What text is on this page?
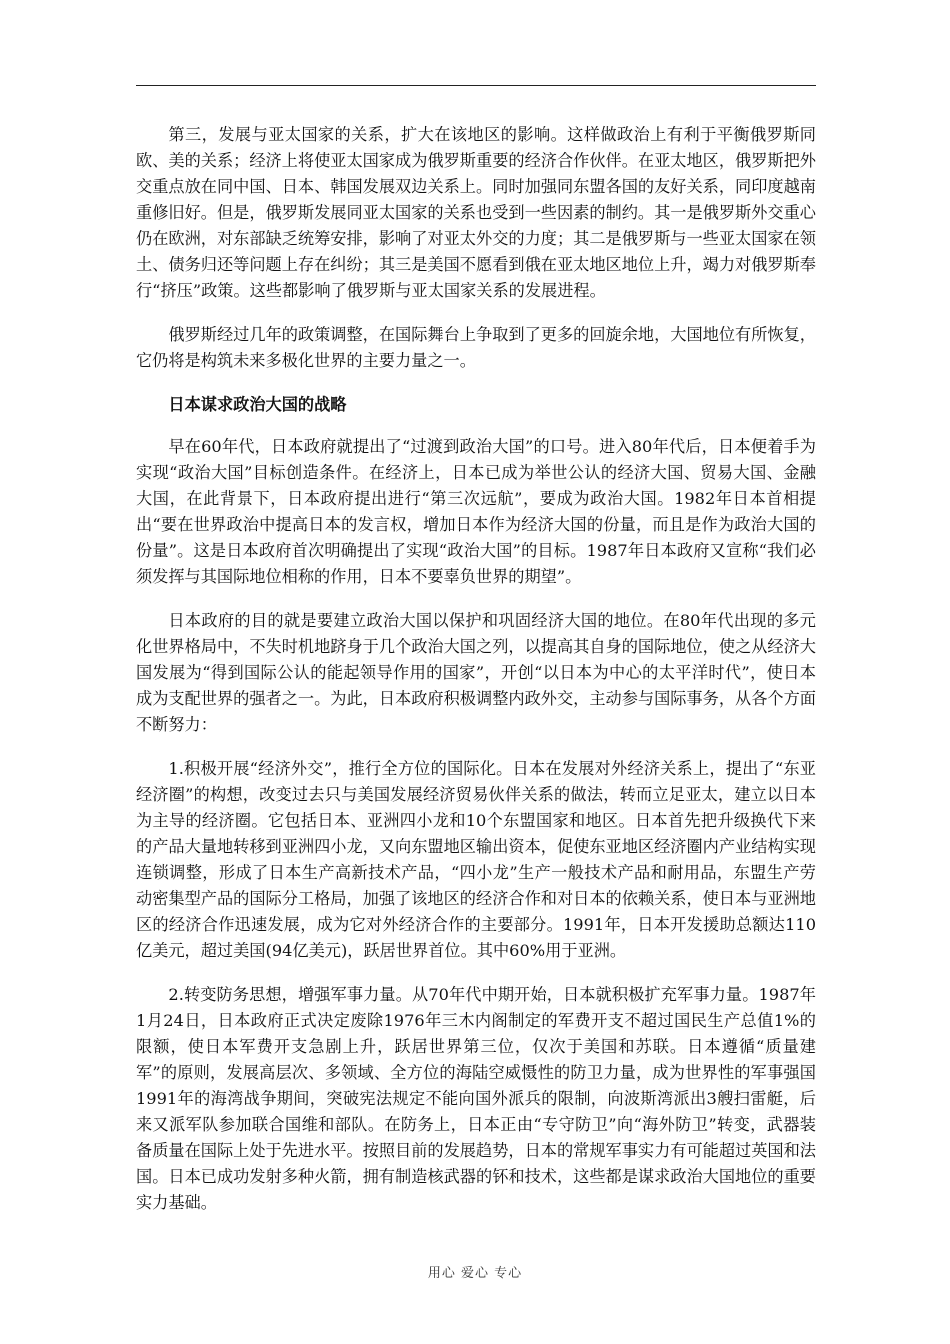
第三，发展与亚太国家的关系，扩大在该地区的影响。这样做政治上有利于平衡俄罗斯同欧、美的关系；经济上将使亚太国家成为俄罗斯重要的经济合作伙伴。在亚太地区，俄罗斯把外交重点放在同中国、日本、韩国发展双边关系上。同时加强同东盟各国的友好关系，同印度越南重修旧好。但是，俄罗斯发展同亚太国家的关系也受到一些因素的制约。其一是俄罗斯外交重心仍在欧洲，对东部缺乏统筹安排，影响了对亚太外交的力度；其二是俄罗斯与一些亚太国家在领土、债务归还等问题上存在纠纷；其三是美国不愿看到俄在亚太地区地位上升，竭力对俄罗斯奉行“挤压”政策。这些都影响了俄罗斯与亚太国家关系的发展进程。

俄罗斯经过几年的政策调整，在国际舞台上争取到了更多的回旋余地，大国地位有所恢复，它仍将是构筑未来多极化世界的主要力量之一。

日本谋求政治大国的战略

早在60年代，日本政府就提出了“过渡到政治大国”的口号。进入80年代后，日本便着手为实现“政治大国”目标创造条件。在经济上，日本已成为举世公认的经济大国、贸易大国、金融大国，在此背景下，日本政府提出进行“第三次远航”，要成为政治大国。1982年日本首相提出“要在世界政治中提高日本的发言权，增加日本作为经济大国的份量，而且是作为政治大国的份量”。这是日本政府首次明确提出了实现“政治大国”的目标。1987年日本政府又宣称“我们必须发挥与其国际地位相称的作用，日本不要辜负世界的期望”。

日本政府的目的就是要建立政治大国以保护和巩固经济大国的地位。在80年代出现的多元化世界格局中，不失时机地跻身于几个政治大国之列，以提高其自身的国际地位，使之从经济大国发展为“得到国际公认的能起领导作用的国家”，开创“以日本为中心的太平洋时代”，使日本成为支配世界的强者之一。为此，日本政府积极调整内政外交，主动参与国际事务，从各个方面不断努力：

1.积极开展“经济外交”，推行全方位的国际化。日本在发展对外经济关系上，提出了“东亚经济圈”的构想，改变过去只与美国发展经济贸易伙伴关系的做法，转而立足亚太，建立以日本为主导的经济圈。它包括日本、亚洲四小龙和10个东盟国家和地区。日本首先把升级换代下来的产品大量地转移到亚洲四小龙，又向东盟地区输出资本，促使东亚地区经济圈内产业结构实现连锁调整，形成了日本生产高新技术产品，“四小龙”生产一般技术产品和耐用品，东盟生产劳动密集型产品的国际分工格局，加强了该地区的经济合作和对日本的依赖关系，使日本与亚洲地区的经济合作迅速发展，成为它对外经济合作的主要部分。1991年，日本开发援助总额达110亿美元，超过美国(94亿美元)，跃居世界首位。其中60%用于亚洲。

2.转变防务思想，增强军事力量。从70年代中期开始，日本就积极扩充军事力量。1987年1月24日，日本政府正式决定废除1976年三木内阁制定的军费开支不超过国民生产总值1%的限额，使日本军费开支急剧上升，跃居世界第三位，仅次于美国和苏联。日本遵循“质量建军”的原则，发展高层次、多领域、全方位的海陆空威慑性的防卫力量，成为世界性的军事强国1991年的海湾战争期间，突破宪法规定不能向国外派兵的限制，向波斯湾派出3艘扫雷艇，后来又派军队参加联合国维和部队。在防务上，日本正由“专守防卫”向“海外防卫”转变，武器装备质量在国际上处于先进水平。按照目前的发展趋势，日本的常规军事实力有可能超过英国和法国。日本已成功发射多种火箭，拥有制造核武器的钚和技术，这些都是谋求政治大国地位的重要实力基础。

用心 爱心 专心
